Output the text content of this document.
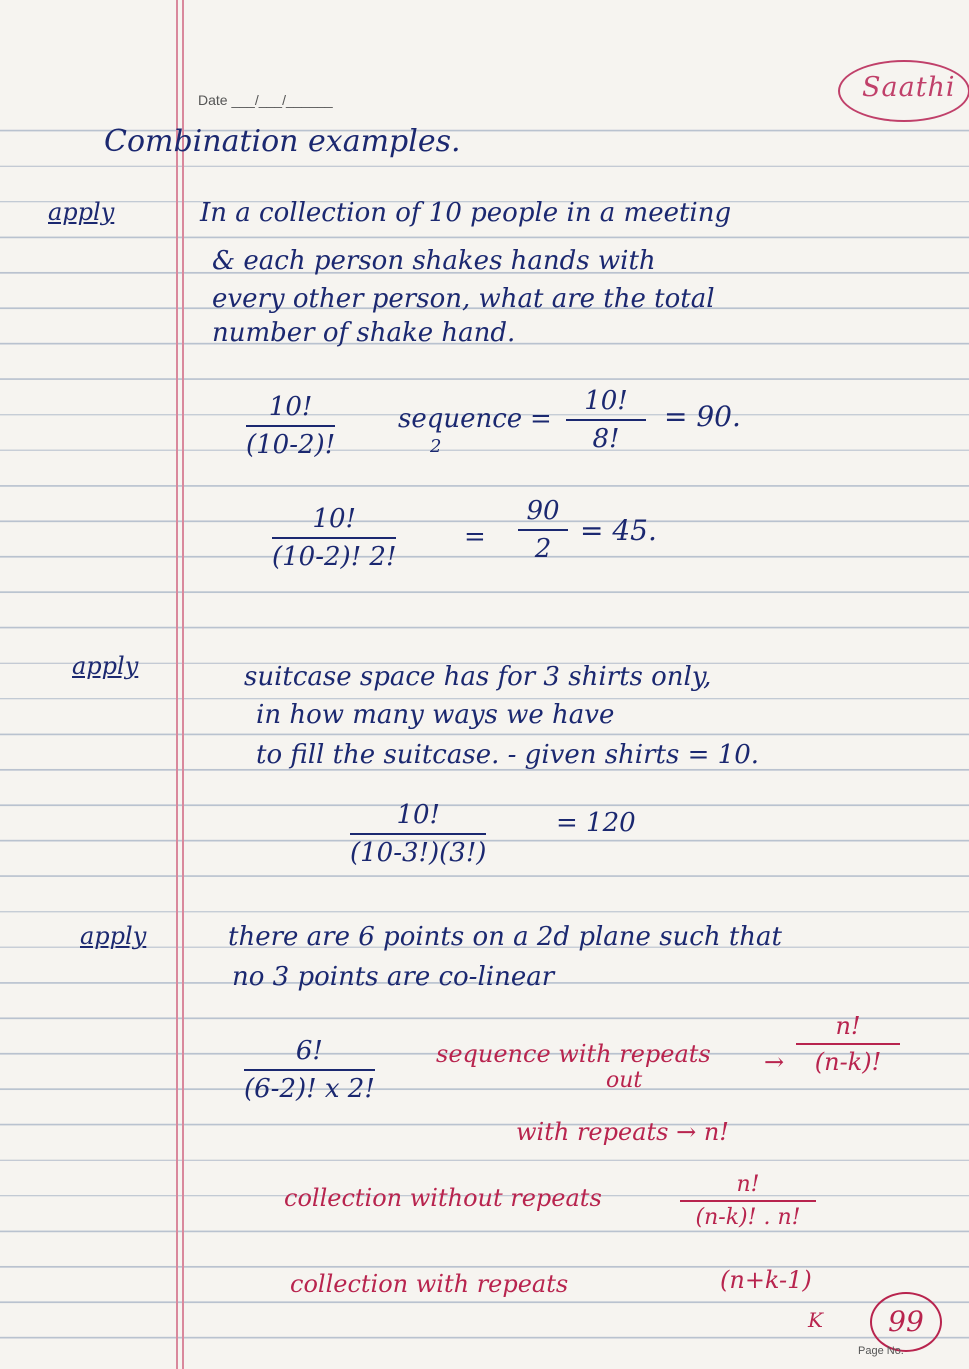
Saathi
Date ___/___/______
Combination examples.
apply	In a collection of 10 people in a meeting
& each person shakes hands with
every other person, what are the total
number of shake hand.
10!
(10-2)!
sequence
2
=
10!
8!
= 90.
10!
(10-2)! 2!
=
90
2
= 45.
apply	suitcase space has for 3 shirts only,
in how many ways we have
to fill the suitcase. - given shirts = 10.
10!
(10-3!)(3!)
= 120
apply	there are 6 points on a 2d plane such that
no 3 points are co-linear
6!
(6-2)! x 2!
sequence with repeats
out
→
n!
(n-k)!
with repeats → n!
collection without repeats	n!
(n-k)! . n!
collection with repeats	(n+k-1)
K	99
Page No.
